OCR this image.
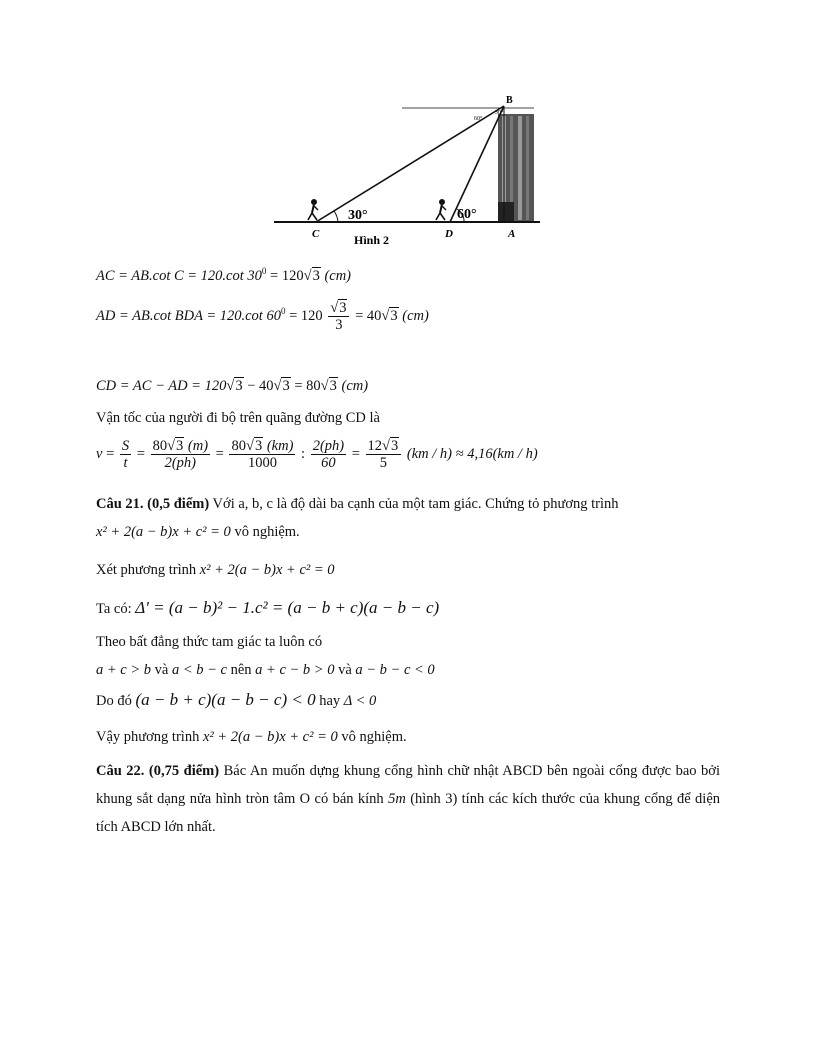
30°	60°
B
60°
30°
C	D	A
Hình 2
AC = AB.cot C = 120.cot $30^0 = 120√3$ (cm)
AD = AB.cot BDA = 120.cot $60^0 = 120 \frac{√3}{3} = 40√3$ (cm)
CD = AC − AD = 120√3 − 40√3 = 80√3 (cm)
Vận tốc của người đi bộ trên quãng đường CD là
$v = \frac{S}{t} = \frac{80√3 (m)}{2(ph)} = \frac{80√3 (km)}{1000}$ : $\frac{2(ph)}{60} = \frac{12√3}{5} (km / h) \approx 4,16(km / h)$
Câu 21. (0,5 điểm) Với a, b, c là độ dài ba cạnh của một tam giác. Chứng tỏ phương trình
x² + 2(a − b)x + c² = 0 vô nghiệm.
Xét phương trình x² + 2(a − b)x + c² = 0
Ta có: Δ' = (a − b)² − 1.c² = (a − b + c)(a − b − c)
Theo bất đẳng thức tam giác ta luôn có
a + c > b và a < b − c nên a + c − b > 0 và a − b − c < 0
Do đó (a − b + c)(a − b − c) < 0 hay Δ < 0
Vậy phương trình x² + 2(a − b)x + c² = 0 vô nghiệm.
Câu 22. (0,75 điểm) Bác An muốn dựng khung cổng hình chữ nhật ABCD bên ngoài cổng được bao bởi khung sắt dạng nửa hình tròn tâm O có bán kính 5m (hình 3) tính các kích thước của khung cổng để diện tích ABCD lớn nhất.
